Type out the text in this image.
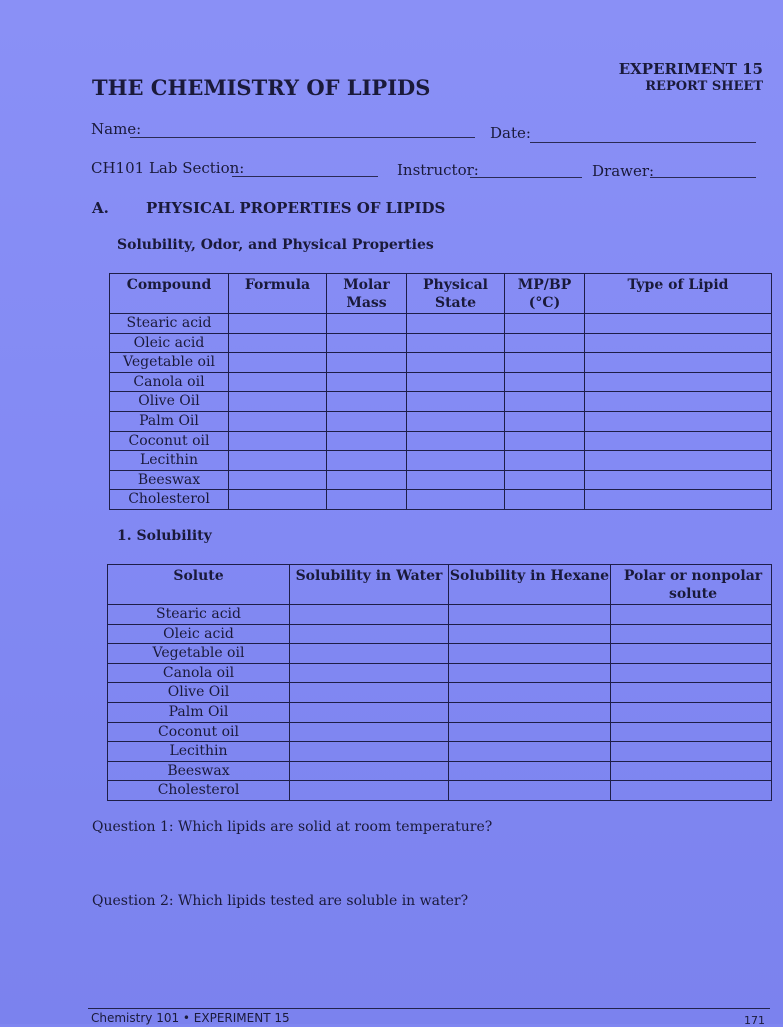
EXPERIMENT 15
REPORT SHEET
THE CHEMISTRY OF LIPIDS
Name:	Date:
CH101 Lab Section:	Instructor:	Drawer:
A. PHYSICAL PROPERTIES OF LIPIDS
Solubility, Odor, and Physical Properties
Compound	Formula	Molar Mass	Physical State	MP/BP (°C)	Type of Lipid
Stearic acid					
Oleic acid					
Vegetable oil					
Canola oil					
Olive Oil					
Palm Oil					
Coconut oil					
Lecithin					
Beeswax					
Cholesterol					
1. Solubility
Solute	Solubility in Water	Solubility in Hexane	Polar or nonpolar solute
Stearic acid			
Oleic acid			
Vegetable oil			
Canola oil			
Olive Oil			
Palm Oil			
Coconut oil			
Lecithin			
Beeswax			
Cholesterol			
Question 1: Which lipids are solid at room temperature?
Question 2: Which lipids tested are soluble in water?
Chemistry 101 • EXPERIMENT 15	171
